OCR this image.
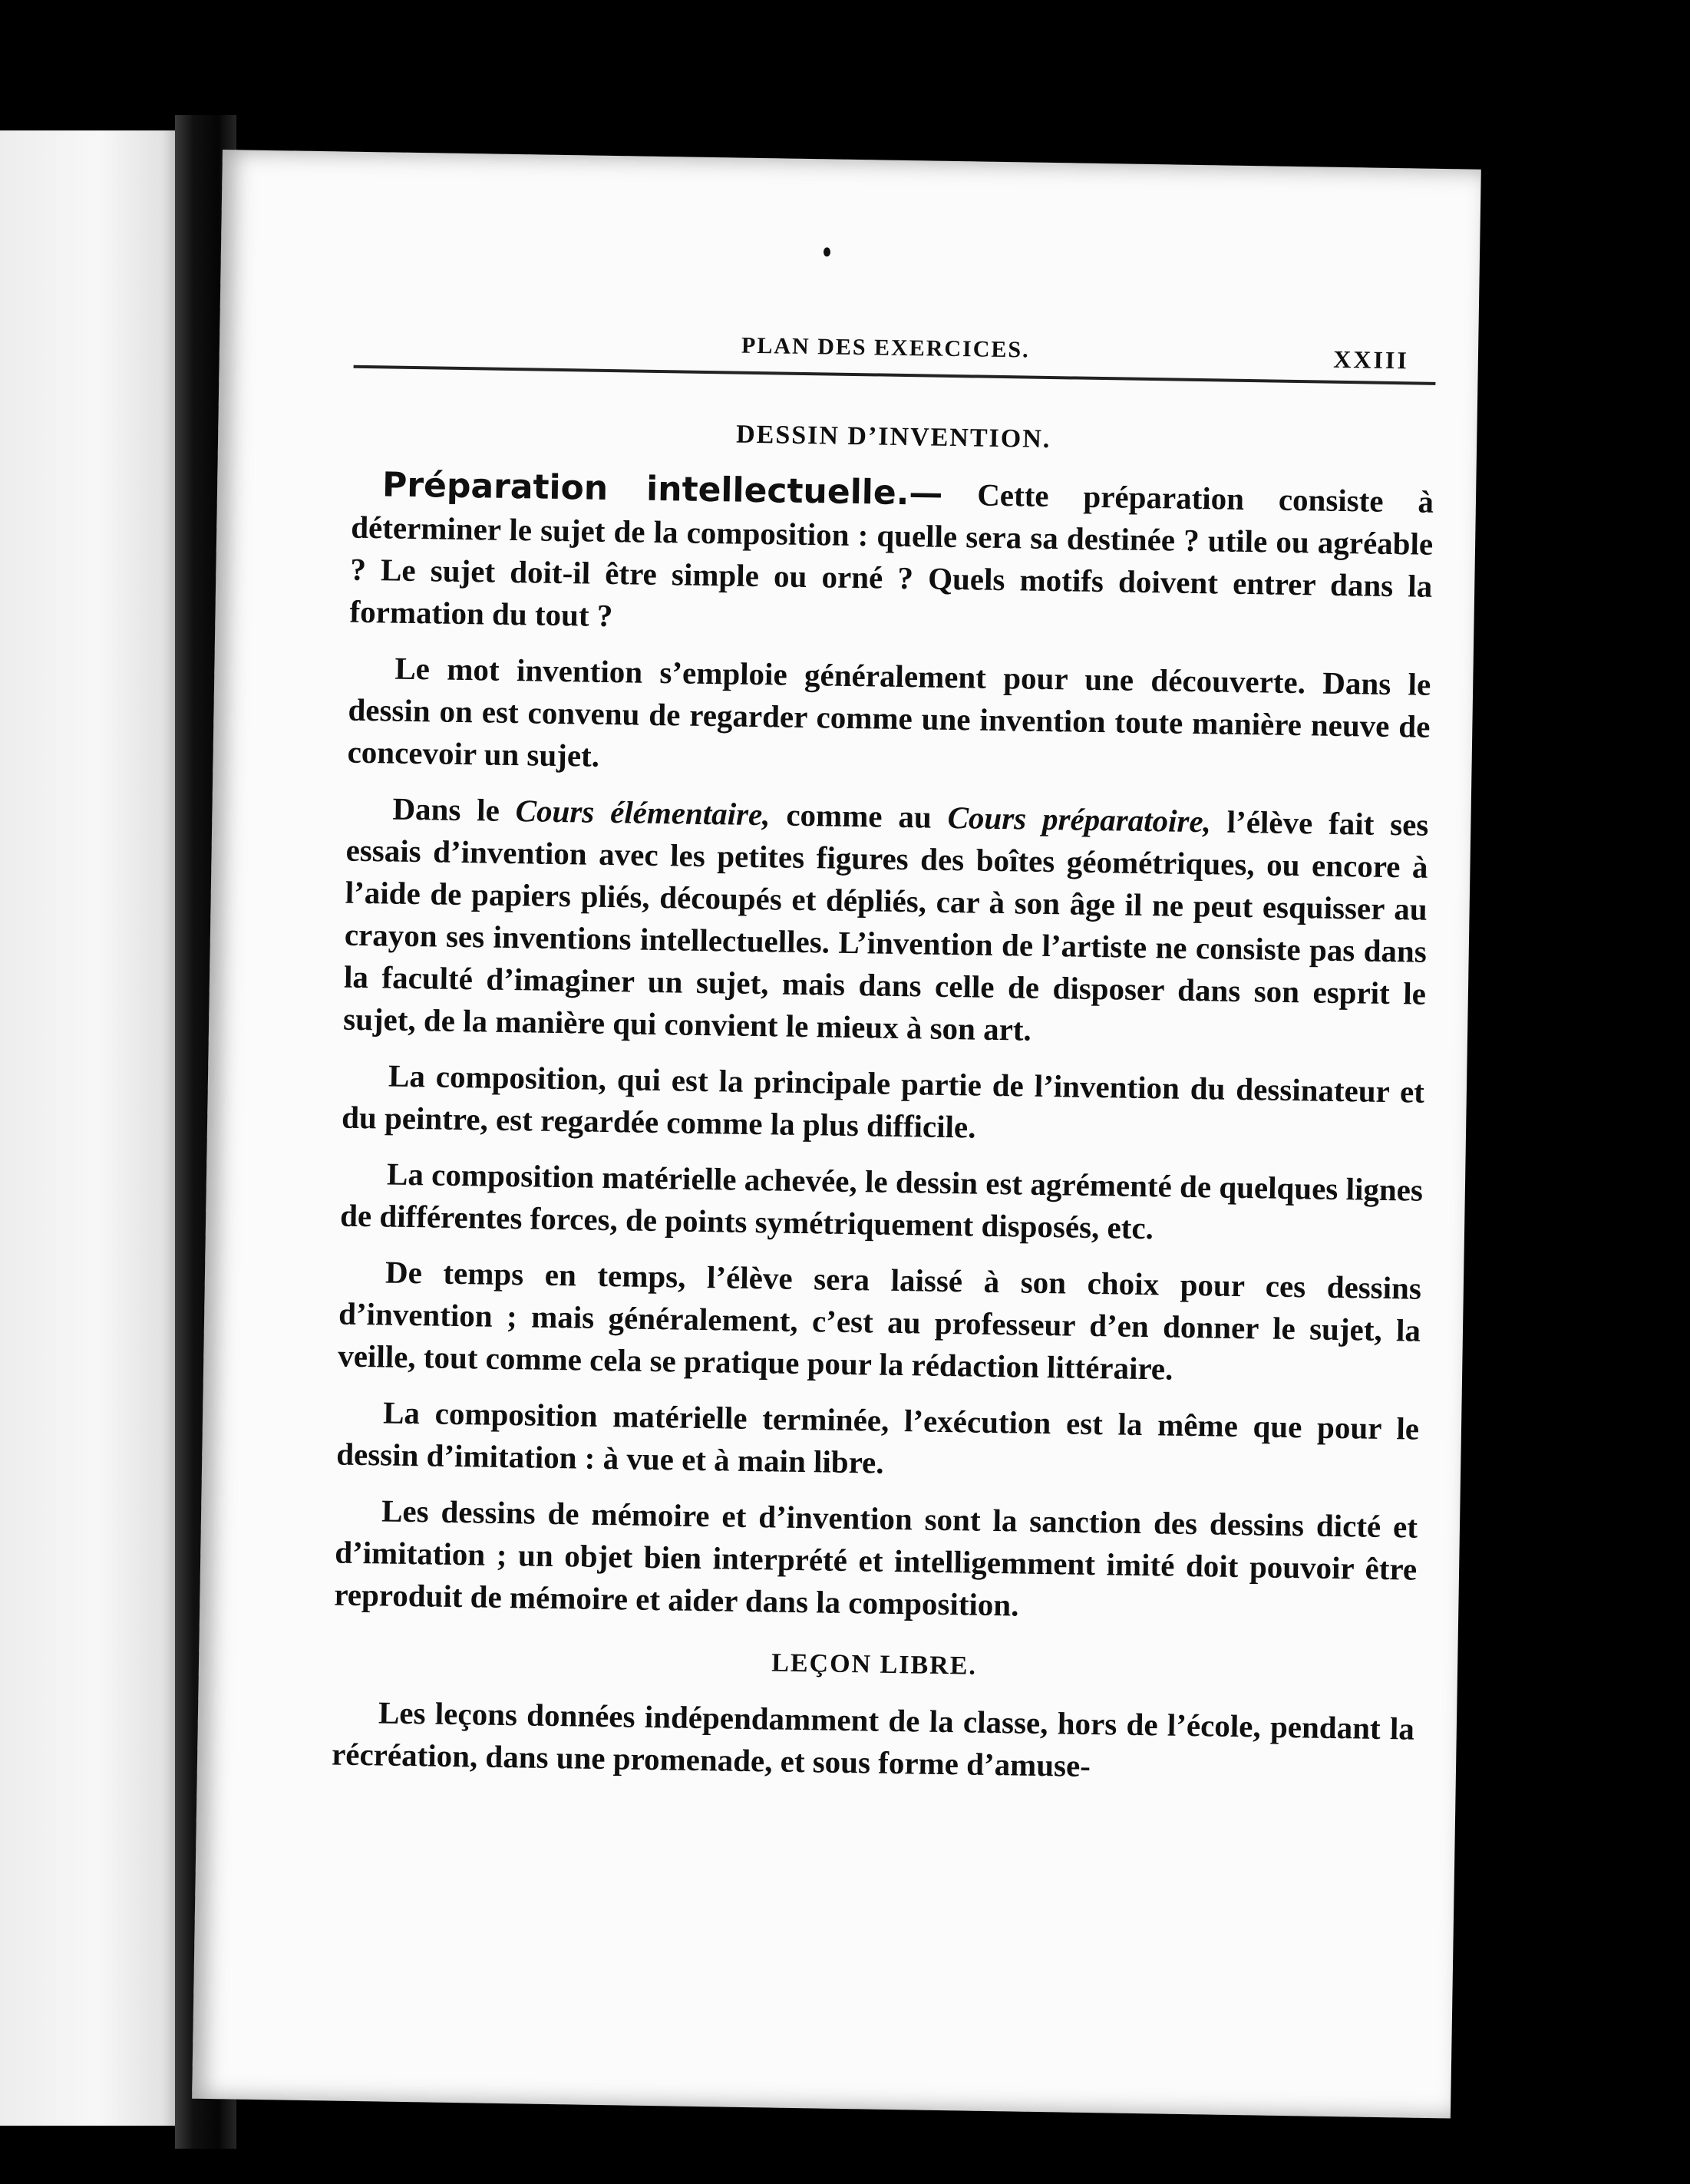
PLAN DES EXERCICES.	XXIII
DESSIN D’INVENTION.

Préparation intellectuelle.— Cette préparation consiste à déterminer le sujet de la composition : quelle sera sa destinée ? utile ou agréable ? Le sujet doit-il être simple ou orné ? Quels motifs doivent entrer dans la formation du tout ?

Le mot invention s’emploie généralement pour une découverte. Dans le dessin on est convenu de regarder comme une invention toute manière neuve de concevoir un sujet.

Dans le Cours élémentaire, comme au Cours préparatoire, l’élève fait ses essais d’invention avec les petites figures des boîtes géométriques, ou encore à l’aide de papiers pliés, découpés et dépliés, car à son âge il ne peut esquisser au crayon ses inventions intellectuelles. L’invention de l’artiste ne consiste pas dans la faculté d’imaginer un sujet, mais dans celle de disposer dans son esprit le sujet, de la manière qui convient le mieux à son art.

La composition, qui est la principale partie de l’invention du dessinateur et du peintre, est regardée comme la plus difficile.

La composition matérielle achevée, le dessin est agrémenté de quelques lignes de différentes forces, de points symétriquement disposés, etc.

De temps en temps, l’élève sera laissé à son choix pour ces dessins d’invention ; mais généralement, c’est au professeur d’en donner le sujet, la veille, tout comme cela se pratique pour la rédaction littéraire.

La composition matérielle terminée, l’exécution est la même que pour le dessin d’imitation : à vue et à main libre.

Les dessins de mémoire et d’invention sont la sanction des dessins dicté et d’imitation ; un objet bien interprété et intelligemment imité doit pouvoir être reproduit de mémoire et aider dans la composition.

LEÇON LIBRE.

Les leçons données indépendamment de la classe, hors de l’école, pendant la récréation, dans une promenade, et sous forme d’amuse-
